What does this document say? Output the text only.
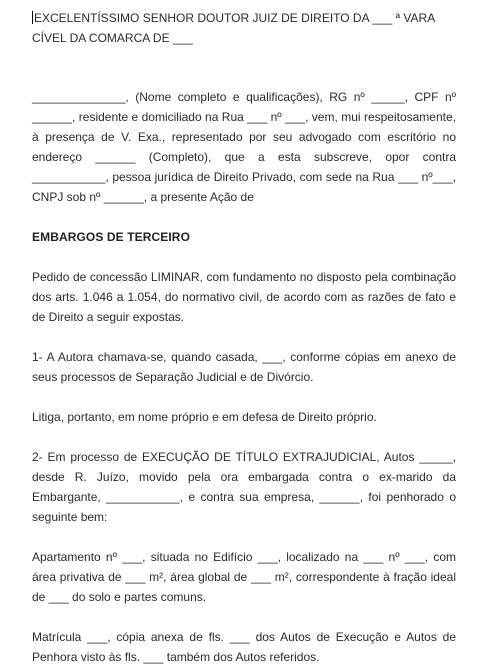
EXCELENTÍSSIMO SENHOR DOUTOR JUIZ DE DIREITO DA ___ ª VARA CÍVEL DA COMARCA DE ___

______________, (Nome completo e qualificações), RG nº _____, CPF nº ______, residente e domiciliado na Rua ___ nº ___, vem, mui respeitosamente, à presença de V. Exa., representado por seu advogado com escritório no endereço ______ (Completo), que a esta subscreve, opor contra ___________, pessoa jurídica de Direito Privado, com sede na Rua ___ nº___, CNPJ sob nº ______, a presente Ação de

EMBARGOS DE TERCEIRO

Pedido de concessão LIMINAR, com fundamento no disposto pela combinação dos arts. 1.046 a 1.054, do normativo civil, de acordo com as razões de fato e de Direito a seguir expostas.

1- A Autora chamava-se, quando casada, ___, conforme cópias em anexo de seus processos de Separação Judicial e de Divórcio.

Litiga, portanto, em nome próprio e em defesa de Direito próprio.

2- Em processo de EXECUÇÃO DE TÍTULO EXTRAJUDICIAL, Autos _____, desde R. Juízo, movido pela ora embargada contra o ex-marido da Embargante, ___________, e contra sua empresa, ______, foi penhorado o seguinte bem:

Apartamento nº ___, situada no Edifício ___, localizado na ___ nº ___, com área privativa de ___ m², área global de ___ m², correspondente à fração ideal de ___ do solo e partes comuns.

Matrícula ___, cópia anexa de fls. ___ dos Autos de Execução e Autos de Penhora visto às fls. ___ também dos Autos referidos.
